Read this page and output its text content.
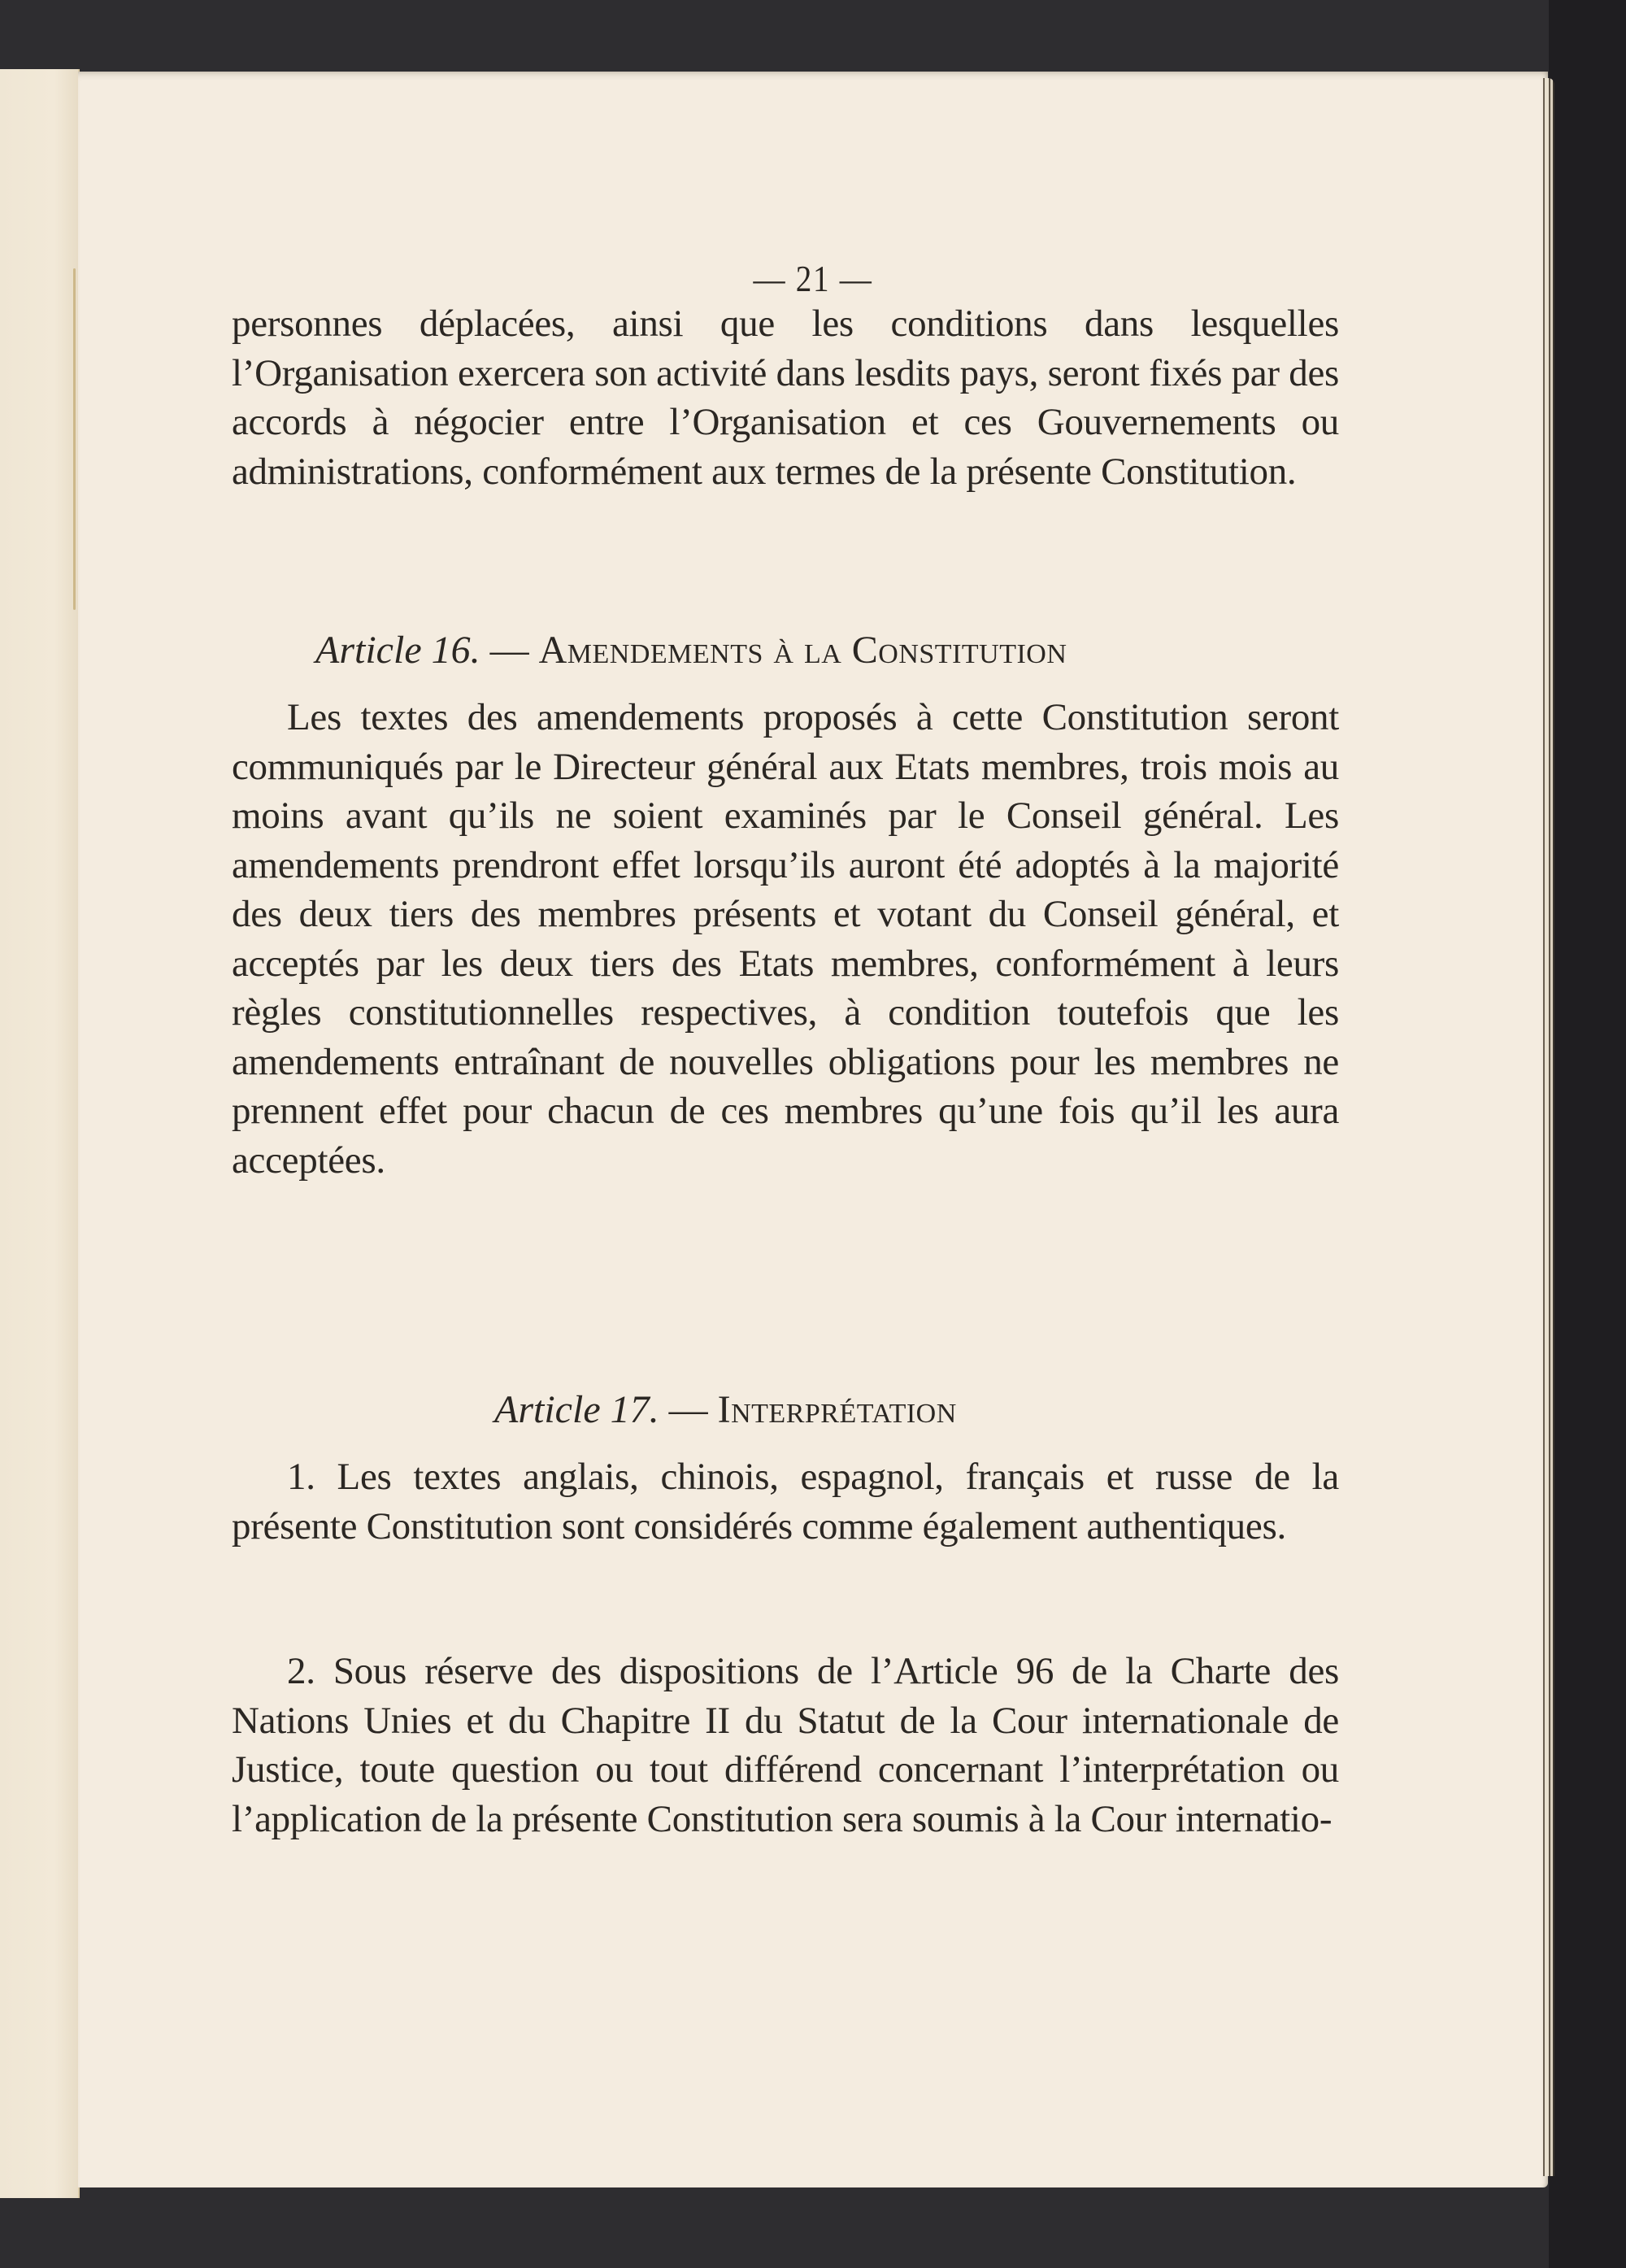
— 21 —

personnes déplacées, ainsi que les conditions dans lesquelles l’Organisation exercera son activité dans lesdits pays, seront fixés par des accords à négocier entre l’Organisation et ces Gouvernements ou administrations, conformément aux termes de la présente Constitution.

Article 16. — Amendements à la Constitution

Les textes des amendements proposés à cette Constitution seront communiqués par le Directeur général aux Etats membres, trois mois au moins avant qu’ils ne soient examinés par le Conseil général. Les amendements prendront effet lorsqu’ils auront été adoptés à la majorité des deux tiers des membres présents et votant du Conseil général, et acceptés par les deux tiers des Etats membres, conformément à leurs règles constitutionnelles respectives, à condition toutefois que les amendements entraînant de nouvelles obligations pour les membres ne prennent effet pour chacun de ces membres qu’une fois qu’il les aura acceptées.

Article 17. — Interprétation

1. Les textes anglais, chinois, espagnol, français et russe de la présente Constitution sont considérés comme également authentiques.

2. Sous réserve des dispositions de l’Article 96 de la Charte des Nations Unies et du Chapitre II du Statut de la Cour internationale de Justice, toute question ou tout différend concernant l’interprétation ou l’application de la présente Constitution sera soumis à la Cour internatio-
